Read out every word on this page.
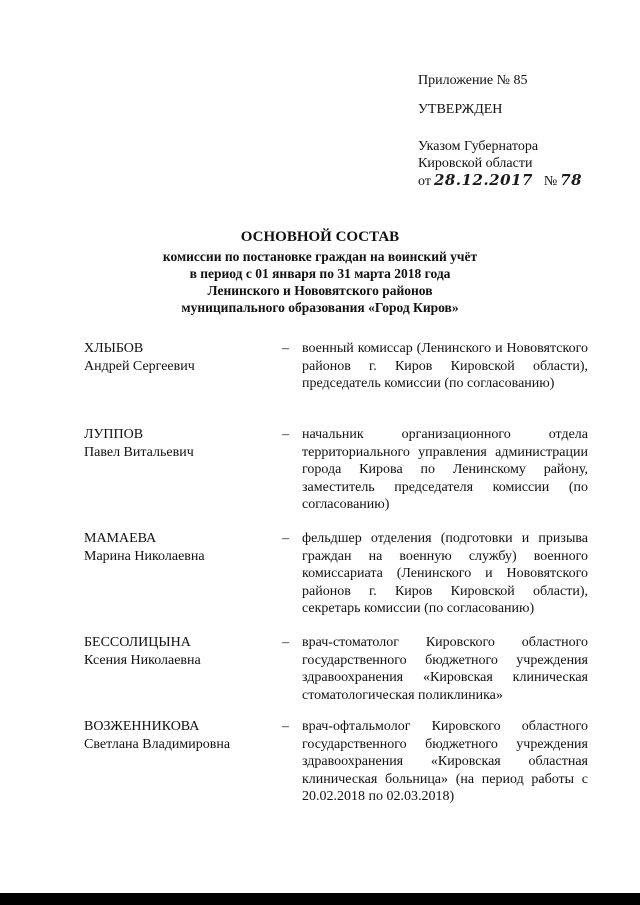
Приложение № 85
УТВЕРЖДЕН
Указом Губернатора
Кировской области
от 28.12.2017 № 78
ОСНОВНОЙ СОСТАВ
комиссии по постановке граждан на воинский учёт
в период с 01 января по 31 марта 2018 года
Ленинского и Нововятского районов
муниципального образования «Город Киров»
ХЛЫБОВ
Андрей Сергеевич
– военный комиссар (Ленинского и Нововятского районов г. Киров Кировской области), председатель комиссии (по согласованию)
ЛУППОВ
Павел Витальевич
– начальник организационного отдела территориального управления администрации города Кирова по Ленинскому району, заместитель председателя комиссии (по согласованию)
МАМАЕВА
Марина Николаевна
– фельдшер отделения (подготовки и призыва граждан на военную службу) военного комиссариата (Ленинского и Нововятского районов г. Киров Кировской области), секретарь комиссии (по согласованию)
БЕССОЛИЦЫНА
Ксения Николаевна
– врач-стоматолог Кировского областного государственного бюджетного учреждения здравоохранения «Кировская клиническая стоматологическая поликлиника»
ВОЗЖЕННИКОВА
Светлана Владимировна
– врач-офтальмолог Кировского областного государственного бюджетного учреждения здравоохранения «Кировская областная клиническая больница» (на период работы с 20.02.2018 по 02.03.2018)
